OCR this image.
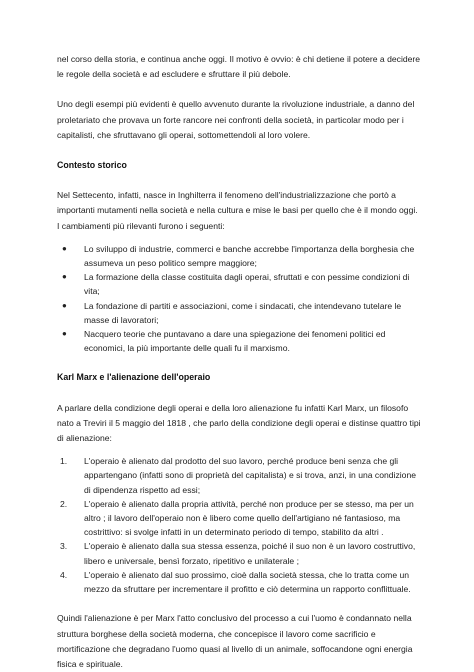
nel corso della storia, e continua anche oggi. Il motivo è ovvio: è chi detiene il potere a decidere le regole della società e ad escludere e sfruttare il più debole.

Uno degli esempi più evidenti è quello avvenuto durante la rivoluzione industriale, a danno del proletariato che provava un forte rancore nei confronti della società, in particolar modo per i capitalisti, che sfruttavano gli operai, sottomettendoli al loro volere.

Contesto storico

Nel Settecento, infatti, nasce in Inghilterra il fenomeno dell'industrializzazione che portò a importanti mutamenti nella società e nella cultura e mise le basi per quello che è il mondo oggi. I cambiamenti più rilevanti furono i seguenti:

● Lo sviluppo di industrie, commerci e banche accrebbe l'importanza della borghesia che assumeva un peso politico sempre maggiore;
● La formazione della classe costituita dagli operai, sfruttati e con pessime condizioni di vita;
● La fondazione di partiti e associazioni, come i sindacati, che intendevano tutelare le masse di lavoratori;
● Nacquero teorie che puntavano a dare una spiegazione dei fenomeni politici ed economici, la più importante delle quali fu il marxismo.
Karl Marx e l'alienazione dell'operaio

A parlare della condizione degli operai e della loro alienazione fu infatti Karl Marx, un filosofo nato a Treviri il 5 maggio del 1818 , che parlo della condizione degli operai e distinse quattro tipi di alienazione:

1. L'operaio è alienato dal prodotto del suo lavoro, perché produce beni senza che gli appartengano (infatti sono di proprietà del capitalista) e si trova, anzi, in una condizione di dipendenza rispetto ad essi;
2. L'operaio è alienato dalla propria attività, perché non produce per se stesso, ma per un altro ; il lavoro dell'operaio non è libero come quello dell'artigiano né fantasioso, ma costrittivo: si svolge infatti in un determinato periodo di tempo, stabilito da altri .
3. L'operaio è alienato dalla sua stessa essenza, poiché il suo non è un lavoro costruttivo, libero e universale, bensì forzato, ripetitivo e unilaterale ;
4. L'operaio è alienato dal suo prossimo, cioè dalla società stessa, che lo tratta come un mezzo da sfruttare per incrementare il profitto e ciò determina un rapporto conflittuale.

Quindi l'alienazione è per Marx l'atto conclusivo del processo a cui l'uomo è condannato nella struttura borghese della società moderna, che concepisce il lavoro come sacrificio e mortificazione che degradano l'uomo quasi al livello di un animale, soffocandone ogni energia fisica e spirituale.
